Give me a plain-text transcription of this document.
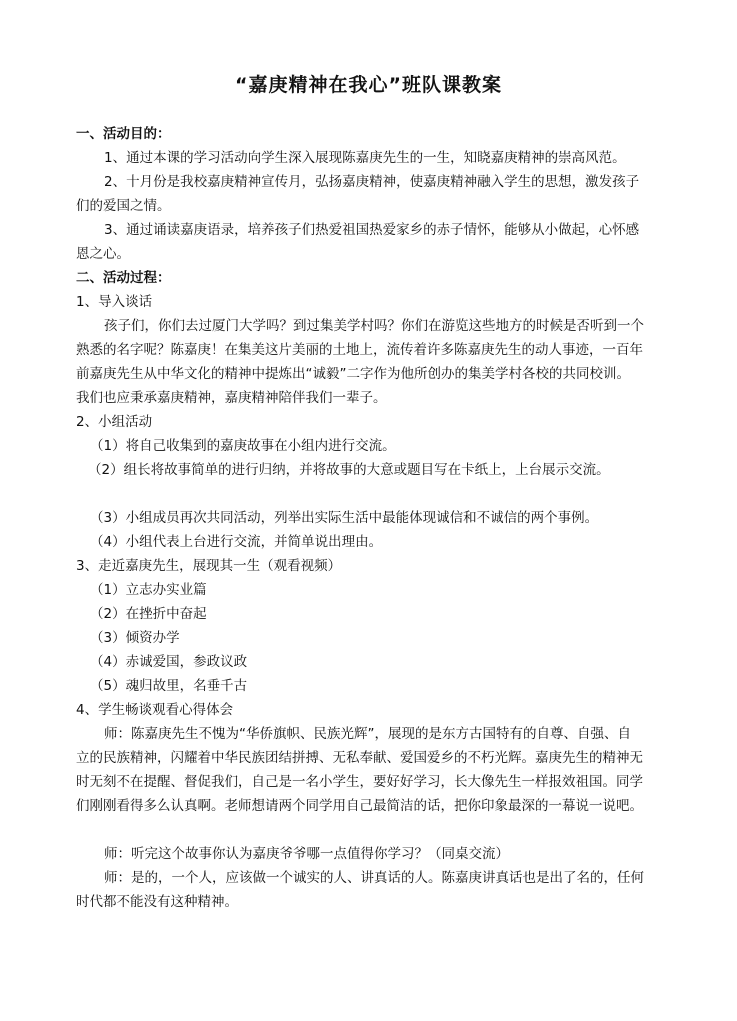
“嘉庚精神在我心”班队课教案
一、活动目的：
1、通过本课的学习活动向学生深入展现陈嘉庚先生的一生，知晓嘉庚精神的崇高风范。
2、十月份是我校嘉庚精神宣传月，弘扬嘉庚精神，使嘉庚精神融入学生的思想，激发孩子
们的爱国之情。
3、通过诵读嘉庚语录，培养孩子们热爱祖国热爱家乡的赤子情怀，能够从小做起，心怀感
恩之心。
二、活动过程：
1、导入谈话
孩子们，你们去过厦门大学吗？到过集美学村吗？你们在游览这些地方的时候是否听到一个
熟悉的名字呢？陈嘉庚！在集美这片美丽的土地上，流传着许多陈嘉庚先生的动人事迹，一百年
前嘉庚先生从中华文化的精神中提炼出“诚毅”二字作为他所创办的集美学村各校的共同校训。
我们也应秉承嘉庚精神，嘉庚精神陪伴我们一辈子。
2、小组活动
（1）将自己收集到的嘉庚故事在小组内进行交流。
（2）组长将故事简单的进行归纳，并将故事的大意或题目写在卡纸上，上台展示交流。
（3）小组成员再次共同活动，列举出实际生活中最能体现诚信和不诚信的两个事例。
（4）小组代表上台进行交流，并简单说出理由。
3、走近嘉庚先生，展现其一生（观看视频）
（1）立志办实业篇
（2）在挫折中奋起
（3）倾资办学
（4）赤诚爱国，参政议政
（5）魂归故里，名垂千古
4、学生畅谈观看心得体会
师：陈嘉庚先生不愧为“华侨旗帜、民族光辉”，展现的是东方古国特有的自尊、自强、自
立的民族精神，闪耀着中华民族团结拼搏、无私奉献、爱国爱乡的不朽光辉。嘉庚先生的精神无
时无刻不在提醒、督促我们，自己是一名小学生，要好好学习，长大像先生一样报效祖国。同学
们刚刚看得多么认真啊。老师想请两个同学用自己最简洁的话，把你印象最深的一幕说一说吧。
师：听完这个故事你认为嘉庚爷爷哪一点值得你学习？（同桌交流）
师：是的，一个人，应该做一个诚实的人、讲真话的人。陈嘉庚讲真话也是出了名的，任何
时代都不能没有这种精神。
